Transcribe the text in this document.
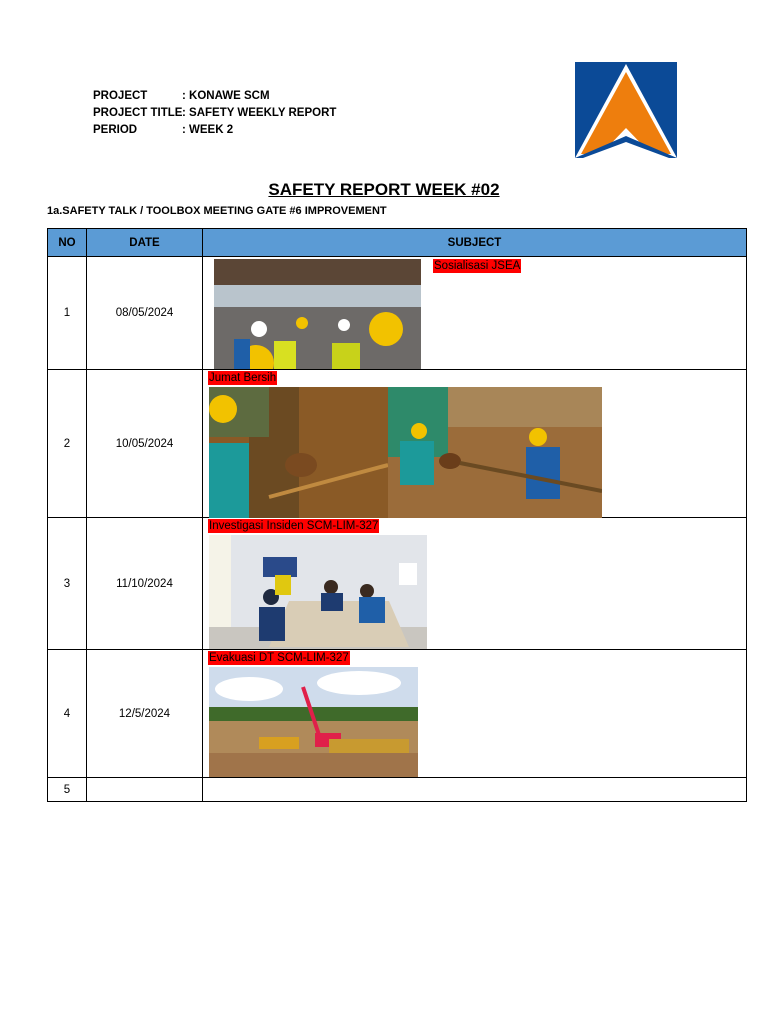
PROJECT	: KONAWE SCM
PROJECT TITLE : SAFETY WEEKLY REPORT
PERIOD	: WEEK 2
SAFETY REPORT WEEK #02
1a.SAFETY TALK / TOOLBOX MEETING GATE #6 IMPROVEMENT
NO	DATE	SUBJECT
1	08/05/2024	Sosialisasi JSEA

2	10/05/2024	Jumat Bersih

3	11/10/2024	Investigasi Insiden SCM-LIM-327

4	12/5/2024	Evakuasi DT SCM-LIM-327

5		
